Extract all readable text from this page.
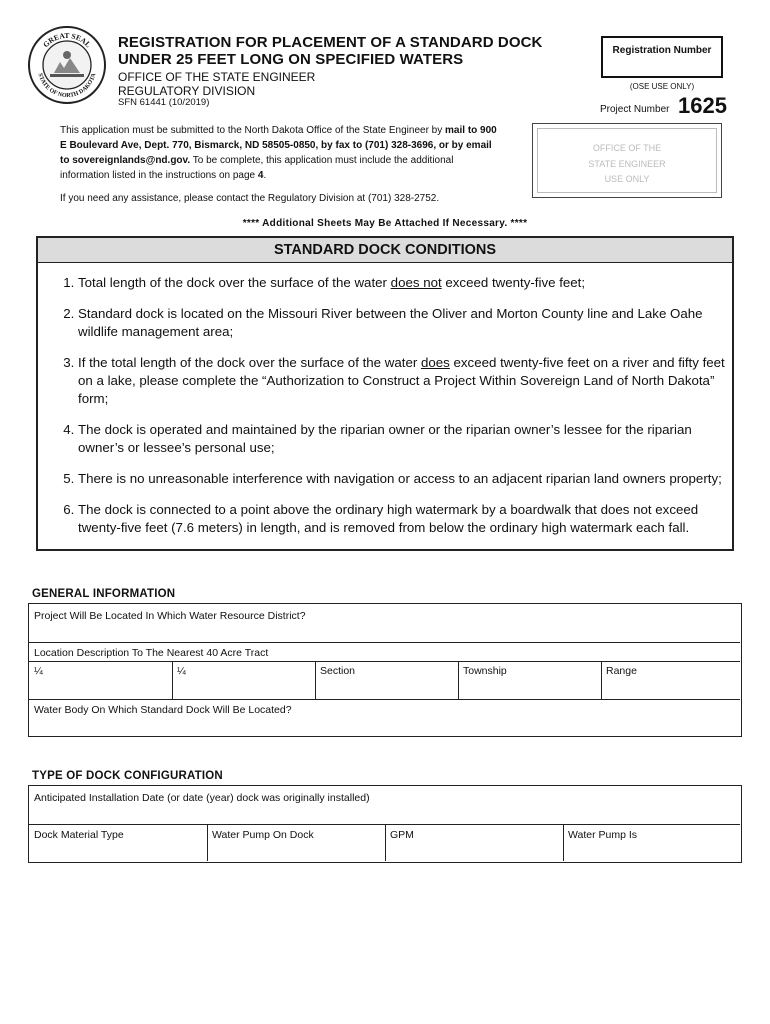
GREAT SEAL
STATE OF NORTH DAKOTA
REGISTRATION FOR PLACEMENT OF A STANDARD DOCK
UNDER 25 FEET LONG ON SPECIFIED WATERS
OFFICE OF THE STATE ENGINEER
REGULATORY DIVISION
SFN 61441 (10/2019)
Registration Number
(OSE USE ONLY)
Project Number 1625
This application must be submitted to the North Dakota Office of the State Engineer by mail to 900 E Boulevard Ave, Dept. 770, Bismarck, ND 58505-0850, by fax to (701) 328-3696, or by email to sovereignlands@nd.gov. To be complete, this application must include the additional information listed in the instructions on page 4.
If you need any assistance, please contact the Regulatory Division at (701) 328-2752.
OFFICE OF THE
STATE ENGINEER
USE ONLY
**** Additional Sheets May Be Attached If Necessary. ****
STANDARD DOCK CONDITIONS
1. Total length of the dock over the surface of the water does not exceed twenty-five feet;
2. Standard dock is located on the Missouri River between the Oliver and Morton County line and Lake Oahe wildlife management area;
3. If the total length of the dock over the surface of the water does exceed twenty-five feet on a river and fifty feet on a lake, please complete the “Authorization to Construct a Project Within Sovereign Land of North Dakota” form;
4. The dock is operated and maintained by the riparian owner or the riparian owner’s lessee for the riparian owner’s or lessee’s personal use;
5. There is no unreasonable interference with navigation or access to an adjacent riparian land owners property;
6. The dock is connected to a point above the ordinary high watermark by a boardwalk that does not exceed twenty-five feet (7.6 meters) in length, and is removed from below the ordinary high watermark each fall.
GENERAL INFORMATION
Project Will Be Located In Which Water Resource District?
Location Description To The Nearest 40 Acre Tract
¼	¼	Section	Township	Range
Water Body On Which Standard Dock Will Be Located?
TYPE OF DOCK CONFIGURATION
Anticipated Installation Date (or date (year) dock was originally installed)
Dock Material Type	Water Pump On Dock	GPM	Water Pump Is
